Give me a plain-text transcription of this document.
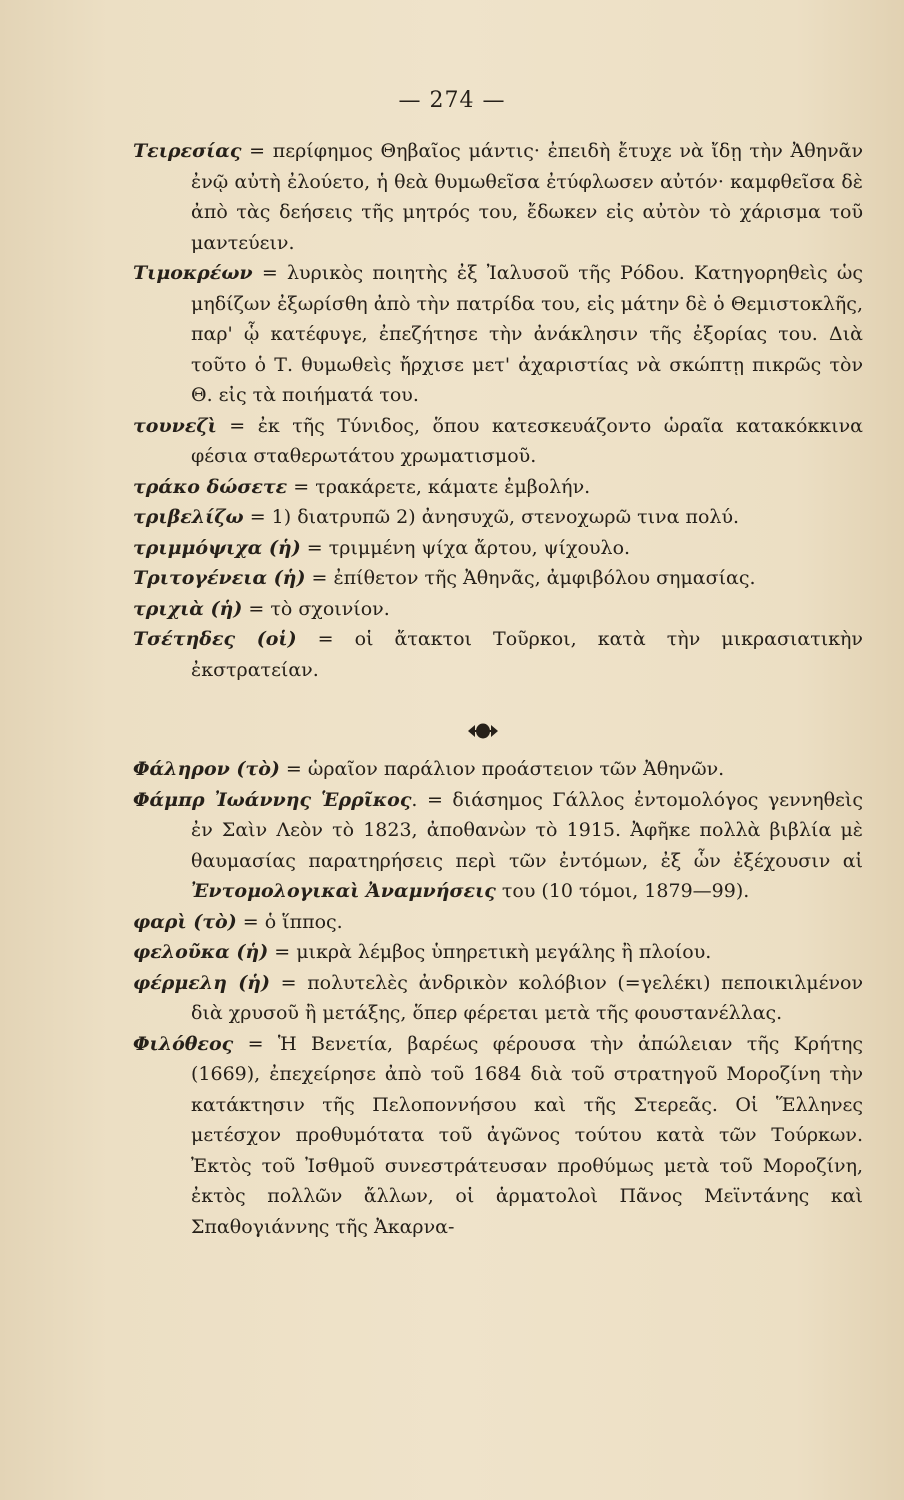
— 274 —

Τειρεσίας = περίφημος Θηβαῖος μάντις· ἐπειδὴ ἔτυχε νὰ ἴδῃ τὴν Ἀθηνᾶν ἐνῷ αὐτὴ ἐλούετο, ἡ θεὰ θυμωθεῖσα ἐτύφλωσεν αὐτόν· καμφθεῖσα δὲ ἀπὸ τὰς δεήσεις τῆς μητρός του, ἔδωκεν εἰς αὐτὸν τὸ χάρισμα τοῦ μαντεύειν.

Τιμοκρέων = λυρικὸς ποιητὴς ἐξ Ἰαλυσοῦ τῆς Ρόδου. Κατηγορηθεὶς ὡς μηδίζων ἐξωρίσθη ἀπὸ τὴν πατρίδα του, εἰς μάτην δὲ ὁ Θεμιστοκλῆς, παρ' ᾧ κατέφυγε, ἐπεζήτησε τὴν ἀνάκλησιν τῆς ἐξορίας του. Διὰ τοῦτο ὁ Τ. θυμωθεὶς ἤρχισε μετ' ἀχαριστίας νὰ σκώπτῃ πικρῶς τὸν Θ. εἰς τὰ ποιήματά του.

τουνεζὶ = ἐκ τῆς Τύνιδος, ὅπου κατεσκευάζοντο ὡραῖα κατακόκκινα φέσια σταθερωτάτου χρωματισμοῦ.

τράκο δώσετε = τρακάρετε, κάματε ἐμβολήν.

τριβελίζω = 1) διατρυπῶ 2) ἀνησυχῶ, στενοχωρῶ τινα πολύ.

τριμμόψιχα (ἡ) = τριμμένη ψίχα ἄρτου, ψίχουλο.

Τριτογένεια (ἡ) = ἐπίθετον τῆς Ἀθηνᾶς, ἀμφιβόλου σημασίας.

τριχιὰ (ἡ) = τὸ σχοινίον.

Τσέτηδες (οἱ) = οἱ ἄτακτοι Τοῦρκοι, κατὰ τὴν μικρασιατικὴν ἐκστρατείαν.

Φάληρον (τὸ) = ὡραῖον παράλιον προάστειον τῶν Ἀθηνῶν.

Φάμπρ Ἰωάννης Ἑρρῖκος. = διάσημος Γάλλος ἐντομολόγος γεννηθεὶς ἐν Σαὶν Λεὸν τὸ 1823, ἀποθανὼν τὸ 1915. Ἀφῆκε πολλὰ βιβλία μὲ θαυμασίας παρατηρήσεις περὶ τῶν ἐντόμων, ἐξ ὧν ἐξέχουσιν αἱ Ἐντομολογικαὶ Ἀναμνήσεις του (10 τόμοι, 1879—99).

φαρὶ (τὸ) = ὁ ἵππος.

φελοῦκα (ἡ) = μικρὰ λέμβος ὑπηρετικὴ μεγάλης ἢ πλοίου.

φέρμελη (ἡ) = πολυτελὲς ἀνδρικὸν κολόβιον (=γελέκι) πεποικιλμένον διὰ χρυσοῦ ἢ μετάξης, ὅπερ φέρεται μετὰ τῆς φουστανέλλας.

Φιλόθεος = Ἡ Βενετία, βαρέως φέρουσα τὴν ἀπώλειαν τῆς Κρήτης (1669), ἐπεχείρησε ἀπὸ τοῦ 1684 διὰ τοῦ στρατηγοῦ Μοροζίνη τὴν κατάκτησιν τῆς Πελοποννήσου καὶ τῆς Στερεᾶς. Οἱ Ἕλληνες μετέσχον προθυμότατα τοῦ ἀγῶνος τούτου κατὰ τῶν Τούρκων. Ἐκτὸς τοῦ Ἰσθμοῦ συνεστράτευσαν προθύμως μετὰ τοῦ Μοροζίνη, ἐκτὸς πολλῶν ἄλλων, οἱ ἁρματολοὶ Πᾶνος Μεϊντάνης καὶ Σπαθογιάννης τῆς Ἀκαρνα-
